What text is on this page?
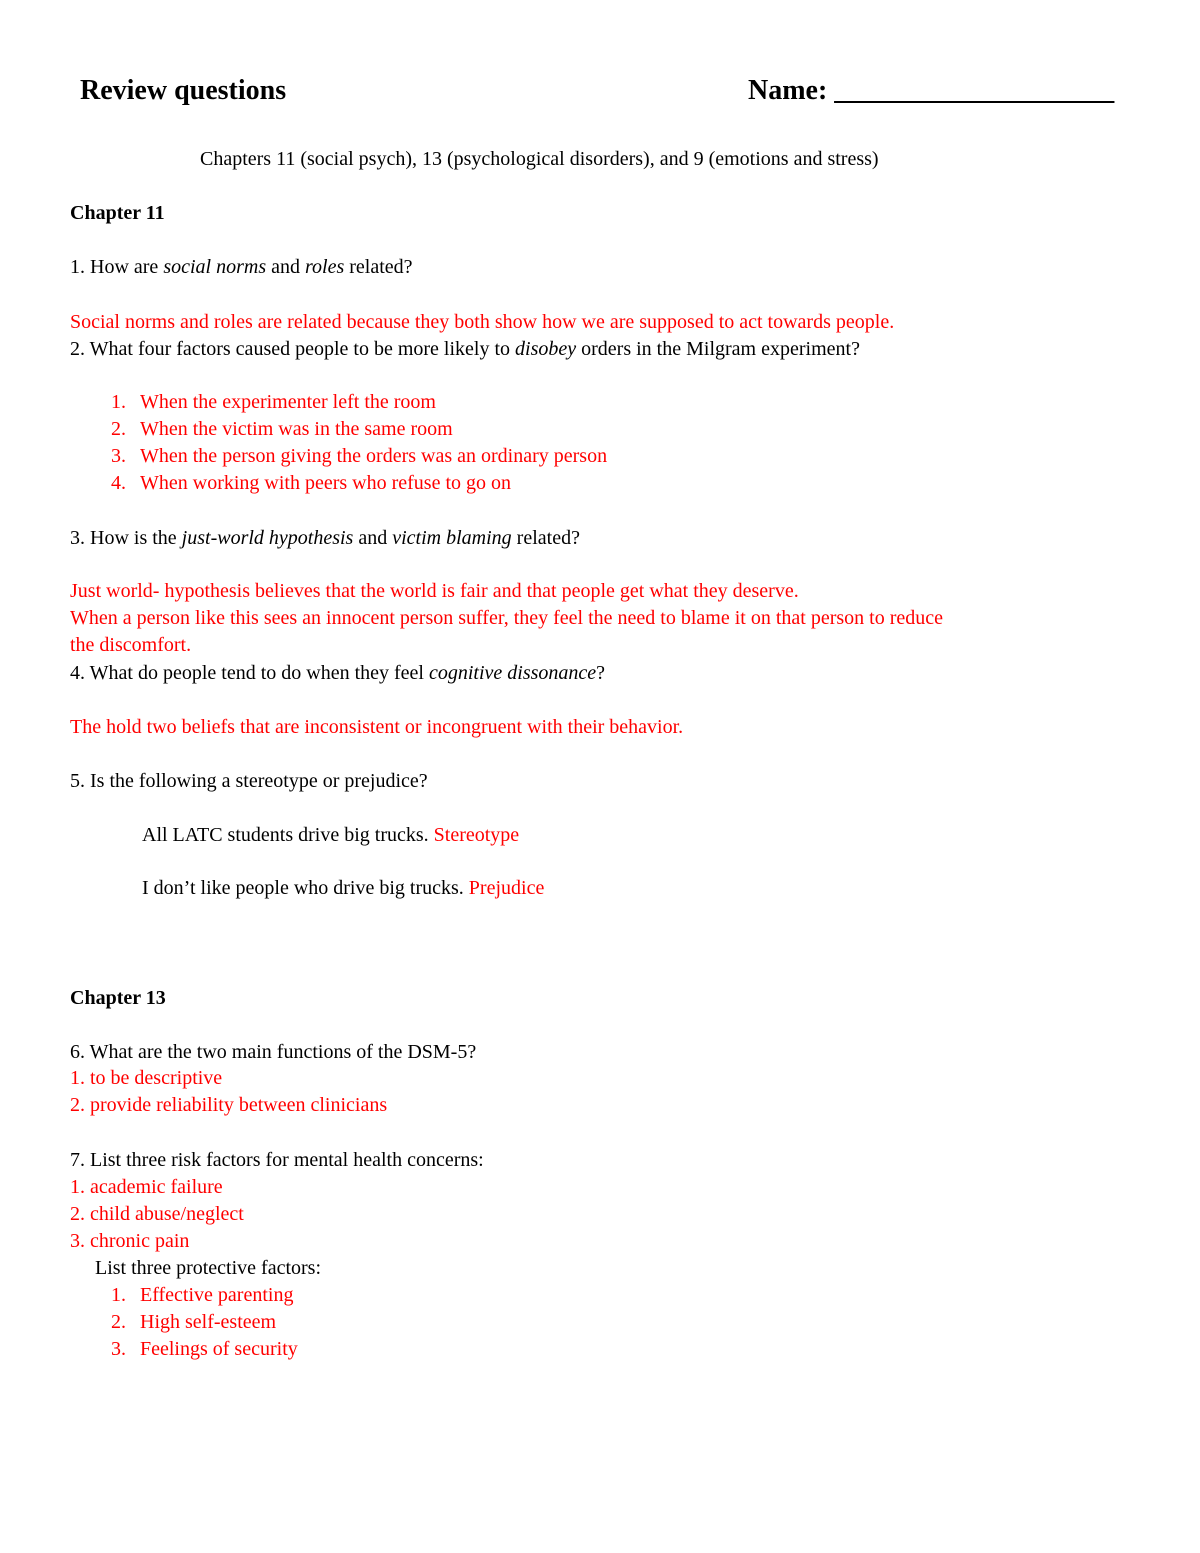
Review questions	Name: ____________________
Chapters 11 (social psych), 13 (psychological disorders), and 9 (emotions and stress)
Chapter 11
1. How are social norms and roles related?
Social norms and roles are related because they both show how we are supposed to act towards people.
2. What four factors caused people to be more likely to disobey orders in the Milgram experiment?
1. When the experimenter left the room
2. When the victim was in the same room
3. When the person giving the orders was an ordinary person
4. When working with peers who refuse to go on
3. How is the just-world hypothesis and victim blaming related?
Just world- hypothesis believes that the world is fair and that people get what they deserve.
When a person like this sees an innocent person suffer, they feel the need to blame it on that person to reduce
the discomfort.
4. What do people tend to do when they feel cognitive dissonance?
The hold two beliefs that are inconsistent or incongruent with their behavior.
5. Is the following a stereotype or prejudice?
All LATC students drive big trucks. Stereotype
I don’t like people who drive big trucks. Prejudice
Chapter 13
6. What are the two main functions of the DSM-5?
1. to be descriptive
2. provide reliability between clinicians
7. List three risk factors for mental health concerns:
1. academic failure
2. child abuse/neglect
3. chronic pain
List three protective factors:
1. Effective parenting
2. High self-esteem
3. Feelings of security
